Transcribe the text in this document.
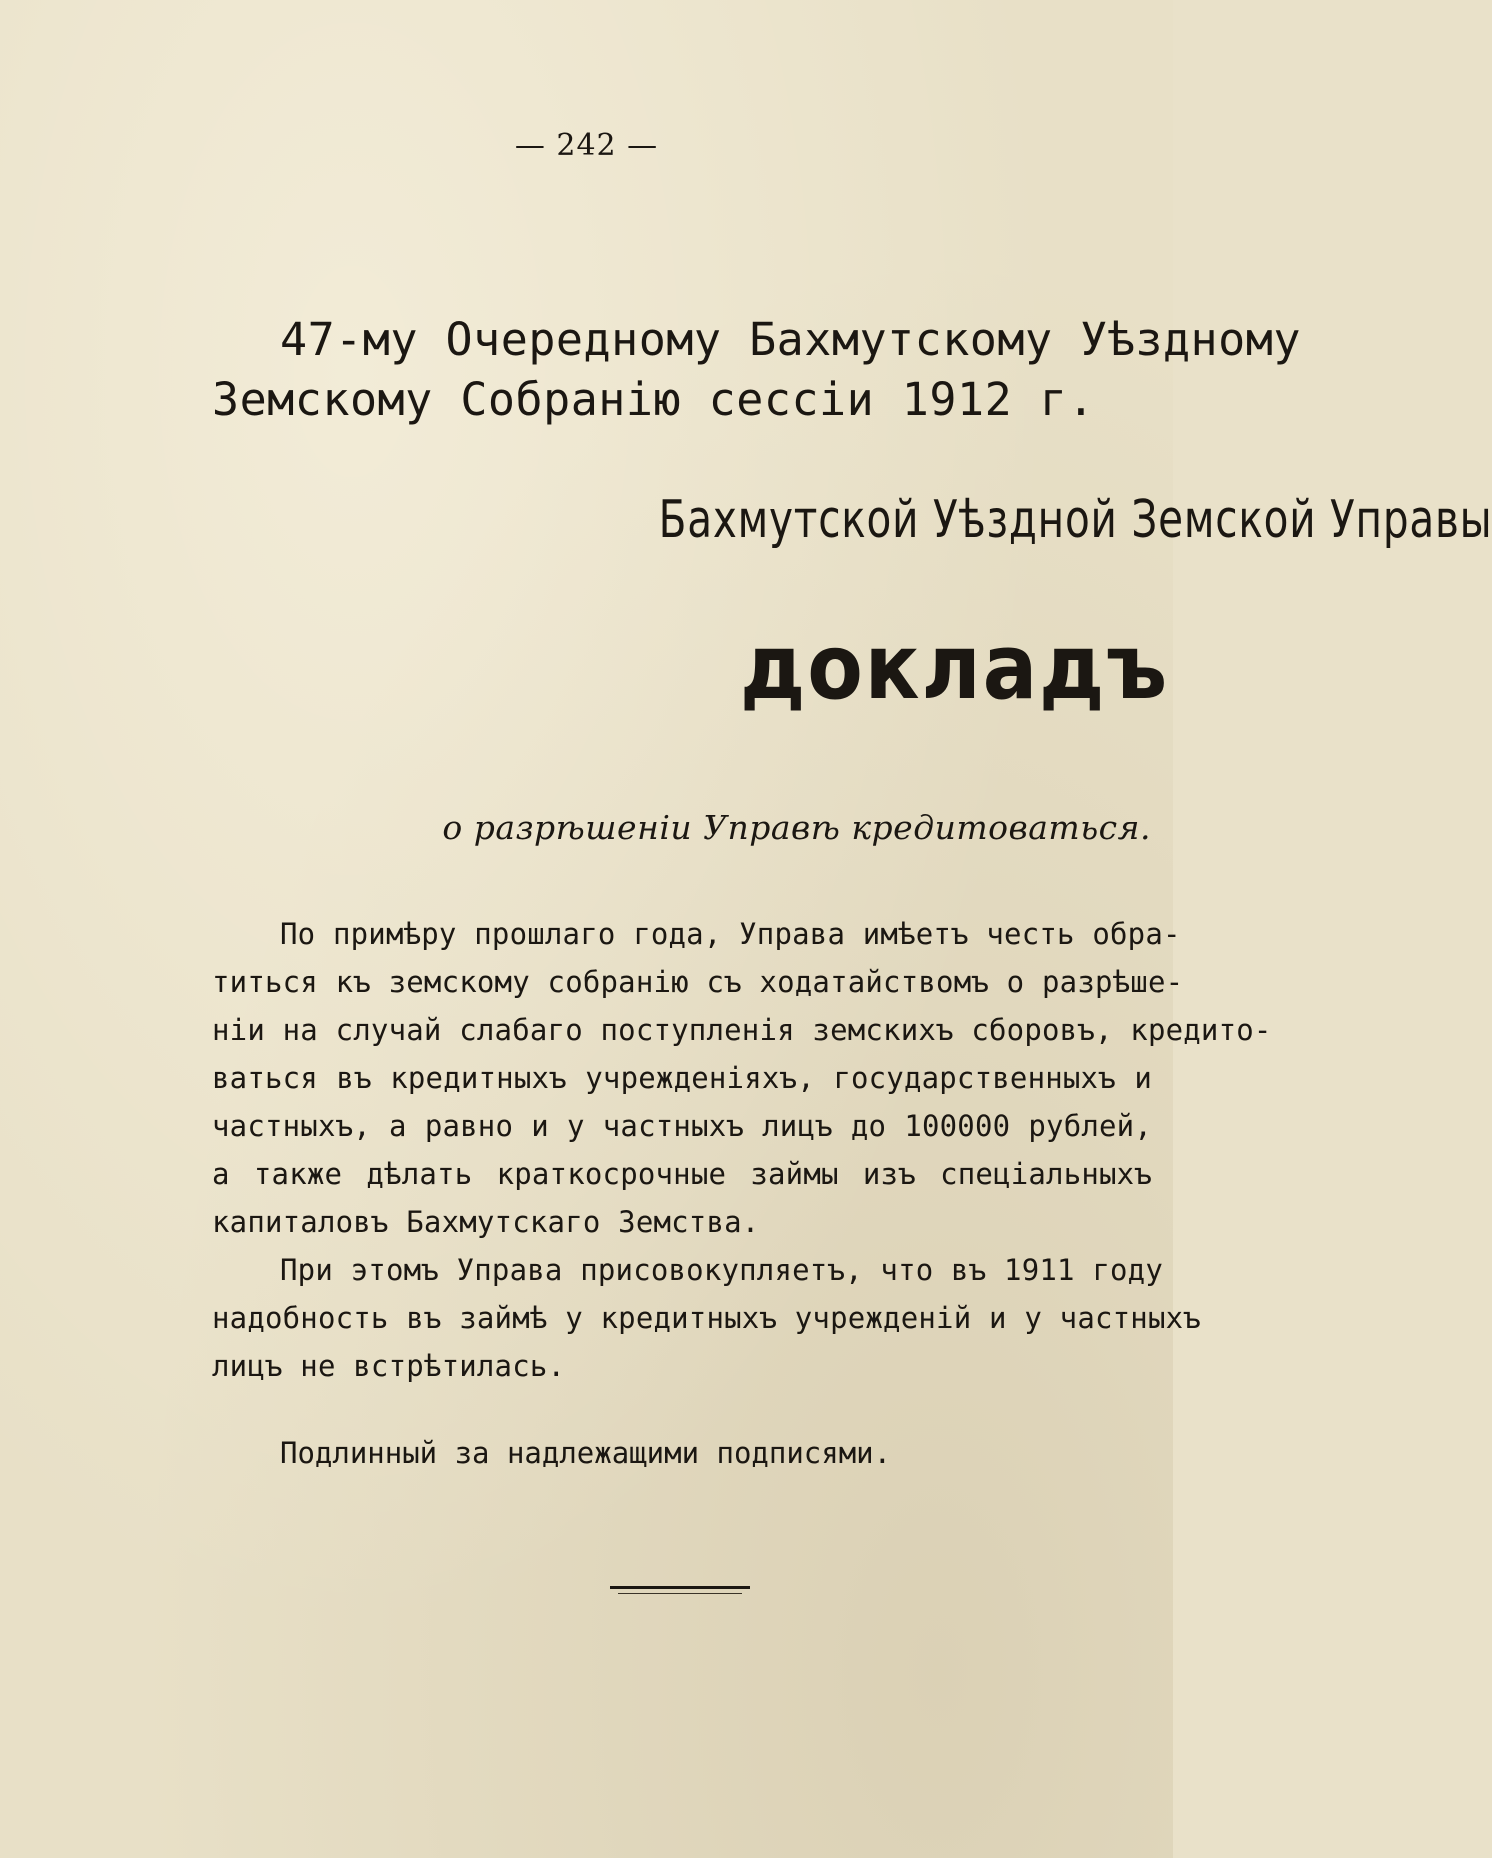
— 242 —
47-му Очередному Бахмутскому Уѣздному
Земскому Собранію сессіи 1912 г.
Бахмутской Уѣздной Земской Управы
докладъ
о разрѣшеніи Управѣ кредитоваться.
По примѣру прошлаго года, Управа имѣетъ честь обра-
титься къ земскому собранію съ ходатайствомъ о разрѣше-
ніи на случай слабаго поступленія земскихъ сборовъ, кредито-
ваться въ кредитныхъ учрежденіяхъ, государственныхъ и
частныхъ, а равно и у частныхъ лицъ до 100000 рублей,
а также дѣлать краткосрочные займы изъ спеціальныхъ
капиталовъ Бахмутскаго Земства.
При этомъ Управа присовокупляетъ, что въ 1911 году
надобность въ займѣ у кредитныхъ учрежденій и у частныхъ
лицъ не встрѣтилась.
Подлинный за надлежащими подписями.
